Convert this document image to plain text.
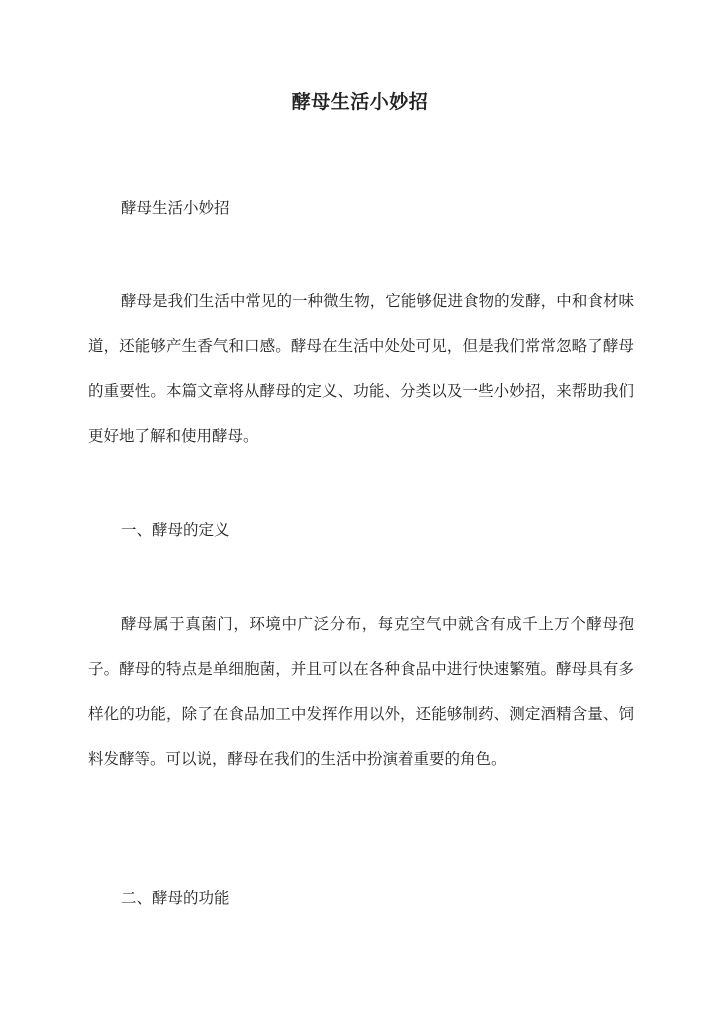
酵母生活小妙招
酵母生活小妙招
酵母是我们生活中常见的一种微生物，它能够促进食物的发酵，中和食材味道，还能够产生香气和口感。酵母在生活中处处可见，但是我们常常忽略了酵母的重要性。本篇文章将从酵母的定义、功能、分类以及一些小妙招，来帮助我们更好地了解和使用酵母。
一、酵母的定义
酵母属于真菌门，环境中广泛分布，每克空气中就含有成千上万个酵母孢子。酵母的特点是单细胞菌，并且可以在各种食品中进行快速繁殖。酵母具有多样化的功能，除了在食品加工中发挥作用以外，还能够制药、测定酒精含量、饲料发酵等。可以说，酵母在我们的生活中扮演着重要的角色。
二、酵母的功能
